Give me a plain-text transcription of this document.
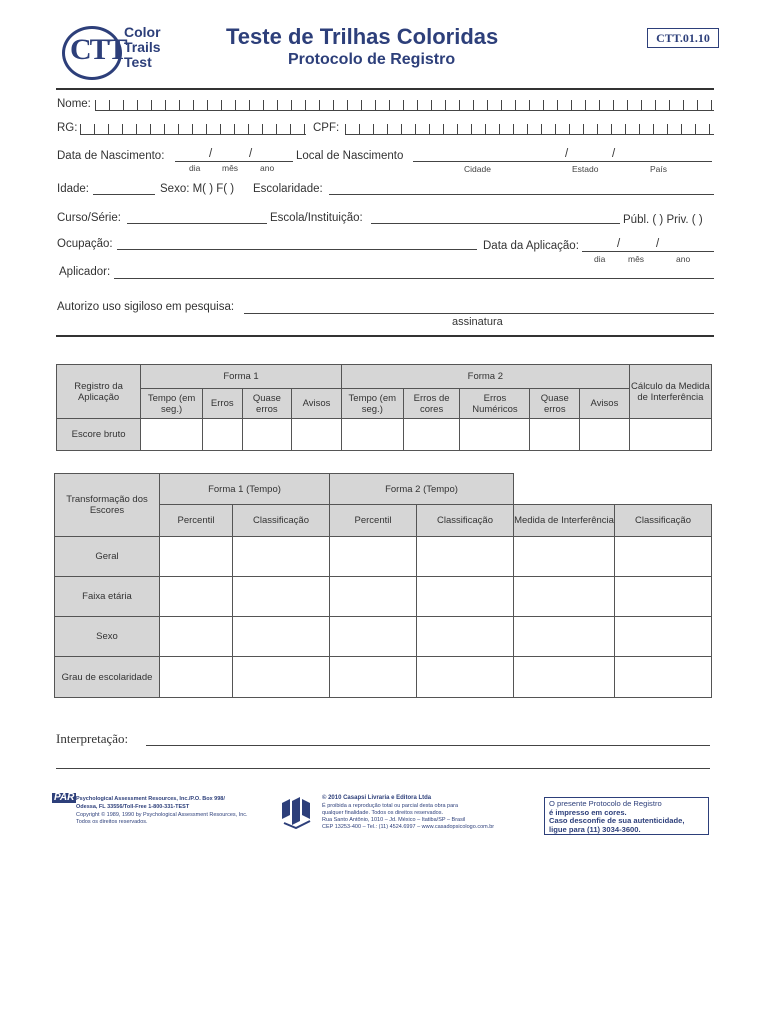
CTT
Color
Trails
Test
Teste de Trilhas Coloridas
Protocolo de Registro
CTT.01.10
Nome:
RG:	CPF:
Data de Nascimento:	/	/
dia	mês	ano
Local de Nascimento	/	/
Cidade	Estado	País
Idade:	Sexo: M( ) F( ) Escolaridade:
Curso/Série:	Escola/Instituição:	Públ. ( ) Priv. ( )
Ocupação:	Data da Aplicação:	/	/
dia	mês	ano
Aplicador:
Autorizo uso sigiloso em pesquisa:
assinatura
Registro da Aplicação	Forma 1				Forma 2					Cálculo da Medida de Interferência
	Tempo (em seg.)	Erros	Quase erros	Avisos	Tempo (em seg.)	Erros de cores	Erros Numéricos	Quase erros	Avisos	
Escore bruto										
Transformação dos Escores	Forma 1 (Tempo)		Forma 2 (Tempo)			
	Percentil	Classificação	Percentil	Classificação	Medida de Interferência	Classificação
Geral						
Faixa etária						
Sexo						
Grau de escolaridade						
Interpretação:
PAR Psychological Assessment Resources, Inc./P.O. Box 998/
Odessa, FL 33556/Toll-Free 1-800-331-TEST
Copyright © 1989, 1990 by Psychological Assessment Resources, Inc.
Todos os direitos reservados.
© 2010 Casapsi Livraria e Editora Ltda
É proibida a reprodução total ou parcial desta obra para
qualquer finalidade. Todos os direitos reservados.
Rua Santo Antônio, 1010 – Jd. México – Itatiba/SP – Brasil
CEP 13253-400 – Tel.: (11) 4524.6997 – www.casadopsicologo.com.br
O presente Protocolo de Registro
é impresso em cores.
Caso desconfie de sua autenticidade,
ligue para (11) 3034-3600.
